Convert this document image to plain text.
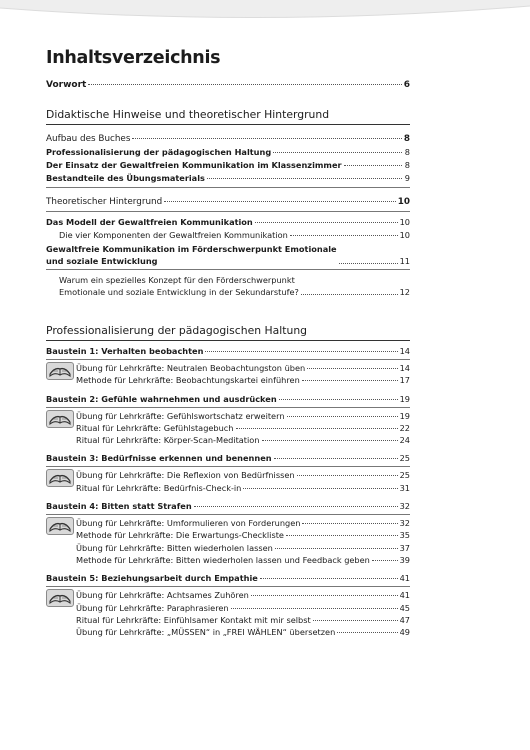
Inhaltsverzeichnis
Vorwort	6
Didaktische Hinweise und theoretischer Hintergrund
Aufbau des Buches	8
Professionalisierung der pädagogischen Haltung	8
Der Einsatz der Gewaltfreien Kommunikation im Klassenzimmer	8
Bestandteile des Übungsmaterials	9
Theoretischer Hintergrund	10
Das Modell der Gewaltfreien Kommunikation	10
Die vier Komponenten der Gewaltfreien Kommunikation	10
Gewaltfreie Kommunikation im Förderschwerpunkt Emotionale
und soziale Entwicklung	11
Warum ein spezielles Konzept für den Förderschwerpunkt
Emotionale und soziale Entwicklung in der Sekundarstufe?	12
Professionalisierung der pädagogischen Haltung
Baustein 1: Verhalten beobachten	14
Übung für Lehrkräfte: Neutralen Beobachtungston üben	14
Methode für Lehrkräfte: Beobachtungskartei einführen	17
Baustein 2: Gefühle wahrnehmen und ausdrücken	19
Übung für Lehrkräfte: Gefühlswortschatz erweitern	19
Ritual für Lehrkräfte: Gefühlstagebuch	22
Ritual für Lehrkräfte: Körper-Scan-Meditation	24
Baustein 3: Bedürfnisse erkennen und benennen	25
Übung für Lehrkräfte: Die Reflexion von Bedürfnissen	25
Ritual für Lehrkräfte: Bedürfnis-Check-in	31
Baustein 4: Bitten statt Strafen	32
Übung für Lehrkräfte: Umformulieren von Forderungen	32
Methode für Lehrkräfte: Die Erwartungs-Checkliste	35
Übung für Lehrkräfte: Bitten wiederholen lassen	37
Methode für Lehrkräfte: Bitten wiederholen lassen und Feedback geben	39
Baustein 5: Beziehungsarbeit durch Empathie	41
Übung für Lehrkräfte: Achtsames Zuhören	41
Übung für Lehrkräfte: Paraphrasieren	45
Ritual für Lehrkräfte: Einfühlsamer Kontakt mit mir selbst	47
Übung für Lehrkräfte: „MÜSSEN“ in „FREI WÄHLEN“ übersetzen	49
